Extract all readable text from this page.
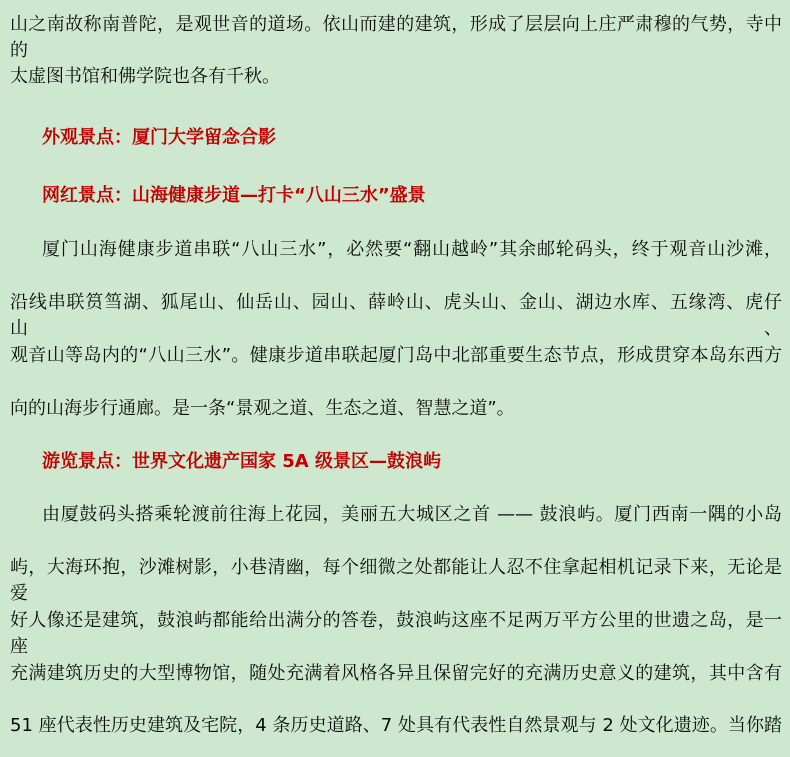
山之南故称南普陀，是观世音的道场。依山而建的建筑，形成了层层向上庄严肃穆的气势，寺中的
太虚图书馆和佛学院也各有千秋。
外观景点：厦门大学留念合影
网红景点：山海健康步道—打卡“八山三水”盛景
厦门山海健康步道串联“八山三水”，必然要“翻山越岭”其余邮轮码头，终于观音山沙滩，
沿线串联筼筜湖、狐尾山、仙岳山、园山、薛岭山、虎头山、金山、湖边水库、五缘湾、虎仔山、
观音山等岛内的“八山三水”。健康步道串联起厦门岛中北部重要生态节点，形成贯穿本岛东西方
向的山海步行通廊。是一条“景观之道、生态之道、智慧之道”。
游览景点：世界文化遗产国家 5A 级景区—鼓浪屿
由厦鼓码头搭乘轮渡前往海上花园，美丽五大城区之首 —— 鼓浪屿。厦门西南一隅的小岛
屿，大海环抱，沙滩树影，小巷清幽，每个细微之处都能让人忍不住拿起相机记录下来，无论是爱
好人像还是建筑，鼓浪屿都能给出满分的答卷，鼓浪屿这座不足两万平方公里的世遗之岛，是一座
充满建筑历史的大型博物馆，随处充满着风格各异且保留完好的充满历史意义的建筑，其中含有
51 座代表性历史建筑及宅院，4 条历史道路、7 处具有代表性自然景观与 2 处文化遗迹。当你踏
